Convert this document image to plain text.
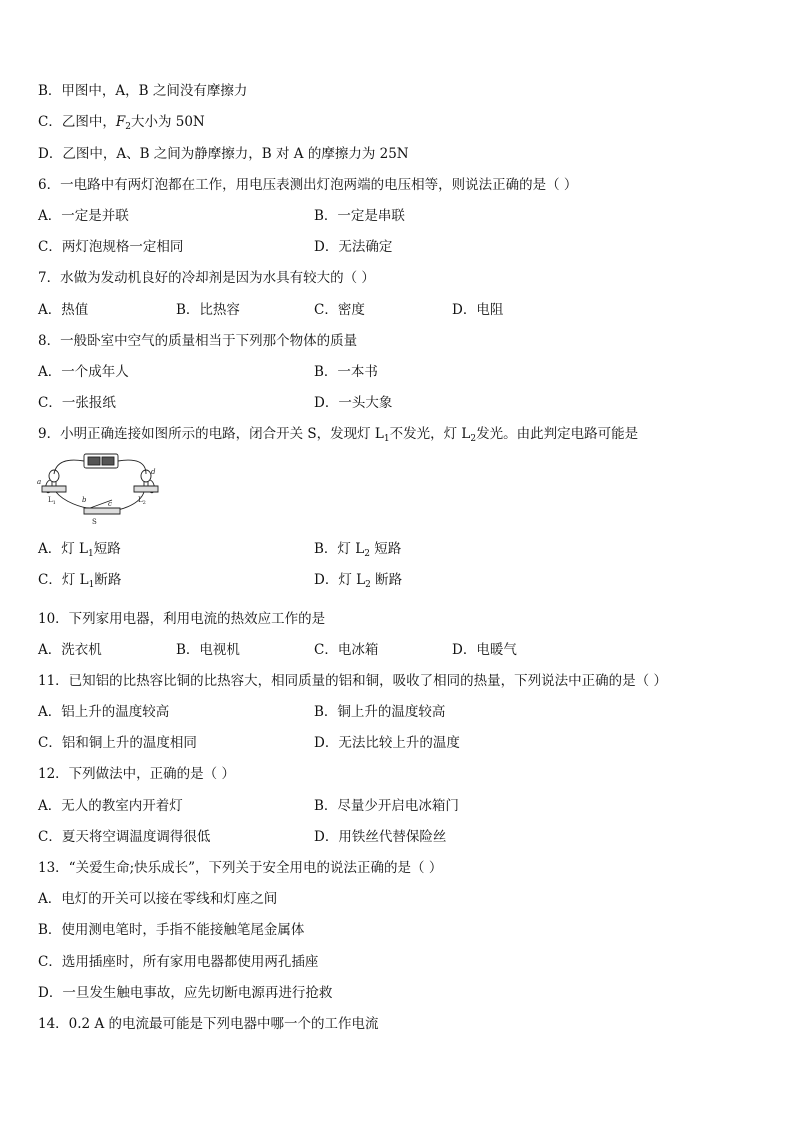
B．甲图中，A，B 之间没有摩擦力
C．乙图中，$F_2$大小为 50N
D．乙图中，A、B 之间为静摩擦力，B 对 A 的摩擦力为 25N
6．一电路中有两灯泡都在工作，用电压表测出灯泡两端的电压相等，则说法正确的是（ ）
A．一定是并联	B．一定是串联
C．两灯泡规格一定相同	D．无法确定
7．水做为发动机良好的冷却剂是因为水具有较大的（ ）
A．热值	B．比热容	C．密度	D．电阻
8．一般卧室中空气的质量相当于下列那个物体的质量
A．一个成年人	B．一本书
C．一张报纸	D．一头大象
9．小明正确连接如图所示的电路，闭合开关 S，发现灯 $L_1$不发光，灯 $L_2$发光。由此判定电路可能是
a
b	c
d
$L_1$	$L_2$
S
A．灯 $L_1$短路	B．灯 $L_2$ 短路
C．灯 $L_1$断路	D．灯 $L_2$ 断路
10．下列家用电器，利用电流的热效应工作的是
A．洗衣机	B．电视机	C．电冰箱	D．电暖气
11．已知铝的比热容比铜的比热容大，相同质量的铝和铜，吸收了相同的热量，下列说法中正确的是（ ）
A．铝上升的温度较高	B．铜上升的温度较高
C．铝和铜上升的温度相同	D．无法比较上升的温度
12．下列做法中，正确的是（ ）
A．无人的教室内开着灯	B．尽量少开启电冰箱门
C．夏天将空调温度调得很低	D．用铁丝代替保险丝
13．“关爱生命;快乐成长”，下列关于安全用电的说法正确的是（ ）
A．电灯的开关可以接在零线和灯座之间
B．使用测电笔时，手指不能接触笔尾金属体
C．选用插座时，所有家用电器都使用两孔插座
D．一旦发生触电事故，应先切断电源再进行抢救
14．0.2 A 的电流最可能是下列电器中哪一个的工作电流
